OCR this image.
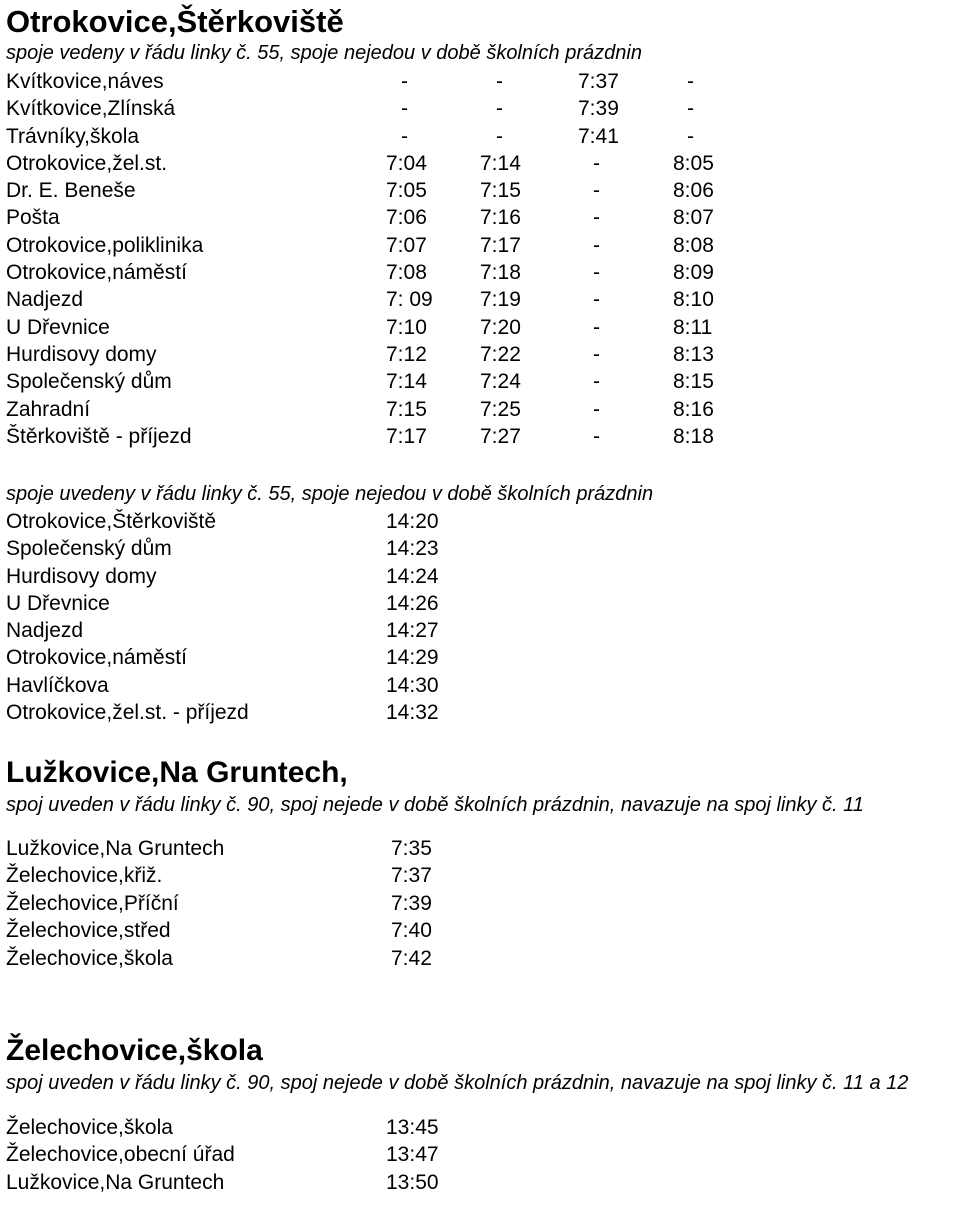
Otrokovice,Štěrkoviště
spoje vedeny v řádu linky č. 55, spoje nejedou v době školních prázdnin
Kvítkovice,náves	-	-	7:37	-
Kvítkovice,Zlínská	-	-	7:39	-
Trávníky,škola	-	-	7:41	-
Otrokovice,žel.st.	7:04	7:14	-	8:05
Dr. E. Beneše	7:05	7:15	-	8:06
Pošta	7:06	7:16	-	8:07
Otrokovice,poliklinika	7:07	7:17	-	8:08
Otrokovice,náměstí	7:08	7:18	-	8:09
Nadjezd	7: 09 7:19	-	8:10
U Dřevnice	7:10	7:20	-	8:11
Hurdisovy domy	7:12	7:22	-	8:13
Společenský dům	7:14	7:24	-	8:15
Zahradní	7:15	7:25	-	8:16
Štěrkoviště - příjezd	7:17	7:27	-	8:18
spoje uvedeny v řádu linky č. 55, spoje nejedou v době školních prázdnin
Otrokovice,Štěrkoviště	14:20
Společenský dům	14:23
Hurdisovy domy	14:24
U Dřevnice	14:26
Nadjezd	14:27
Otrokovice,náměstí	14:29
Havlíčkova	14:30
Otrokovice,žel.st. - příjezd	14:32
Lužkovice,Na Gruntech,
spoj uveden v řádu linky č. 90, spoj nejede v době školních prázdnin, navazuje na spoj linky č. 11
Lužkovice,Na Gruntech	7:35
Želechovice,křiž.	7:37
Želechovice,Příční	7:39
Želechovice,střed	7:40
Želechovice,škola	7:42
Želechovice,škola
spoj uveden v řádu linky č. 90, spoj nejede v době školních prázdnin, navazuje na spoj linky č. 11 a 12
Želechovice,škola	13:45
Želechovice,obecní úřad	13:47
Lužkovice,Na Gruntech	13:50
